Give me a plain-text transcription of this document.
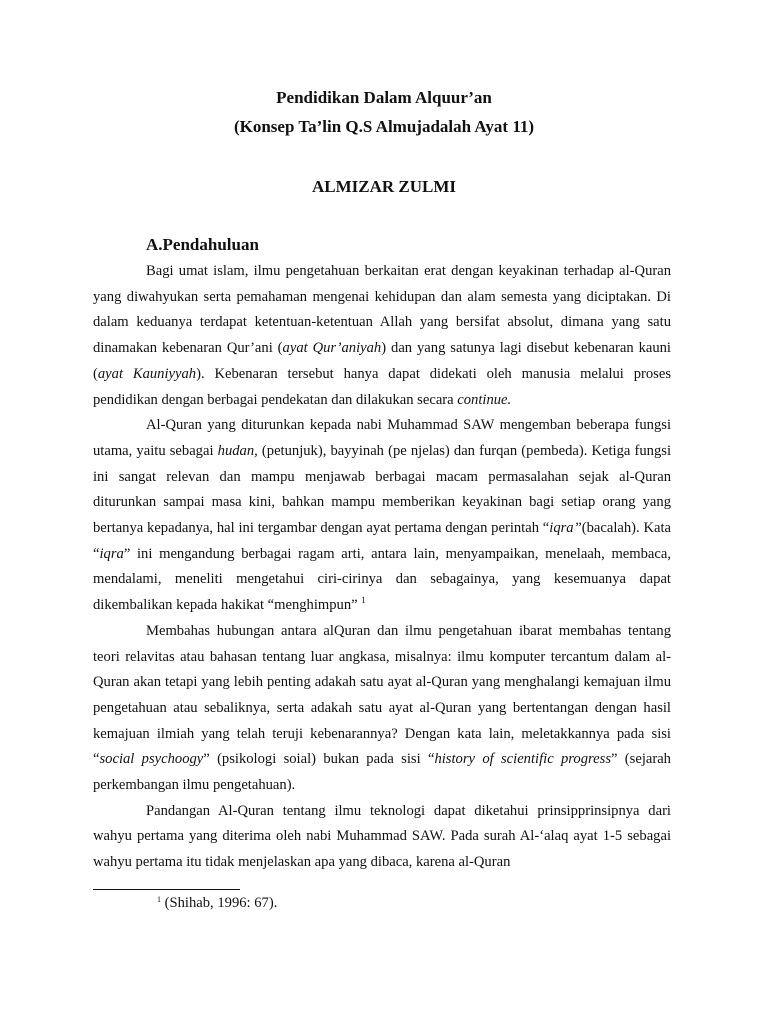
Pendidikan Dalam Alquur’an
(Konsep Ta’lin Q.S Almujadalah Ayat 11)
ALMIZAR ZULMI
A.Pendahuluan

Bagi umat islam, ilmu pengetahuan berkaitan erat dengan keyakinan terhadap al-Quran yang diwahyukan serta pemahaman mengenai kehidupan dan alam semesta yang diciptakan. Di dalam keduanya terdapat ketentuan-ketentuan Allah yang bersifat absolut, dimana yang satu dinamakan kebenaran Qur’ani (ayat Qur’aniyah) dan yang satunya lagi disebut kebenaran kauni (ayat Kauniyyah). Kebenaran tersebut hanya dapat didekati oleh manusia melalui proses pendidikan dengan berbagai pendekatan dan dilakukan secara continue.

Al-Quran yang diturunkan kepada nabi Muhammad SAW mengemban beberapa fungsi utama, yaitu sebagai hudan, (petunjuk), bayyinah (pe njelas) dan furqan (pembeda). Ketiga fungsi ini sangat relevan dan mampu menjawab berbagai macam permasalahan sejak al-Quran diturunkan sampai masa kini, bahkan mampu memberikan keyakinan bagi setiap orang yang bertanya kepadanya, hal ini tergambar dengan ayat pertama dengan perintah “iqra”(bacalah). Kata “iqra” ini mengandung berbagai ragam arti, antara lain, menyampaikan, menelaah, membaca, mendalami, meneliti mengetahui ciri-cirinya dan sebagainya, yang kesemuanya dapat dikembalikan kepada hakikat “menghimpun” $^1$

Membahas hubungan antara alQuran dan ilmu pengetahuan ibarat membahas tentang teori relavitas atau bahasan tentang luar angkasa, misalnya: ilmu komputer tercantum dalam al-Quran akan tetapi yang lebih penting adakah satu ayat al-Quran yang menghalangi kemajuan ilmu pengetahuan atau sebaliknya, serta adakah satu ayat al-Quran yang bertentangan dengan hasil kemajuan ilmiah yang telah teruji kebenarannya? Dengan kata lain, meletakkannya pada sisi “social psychoogy” (psikologi soial) bukan pada sisi “history of scientific progress” (sejarah perkembangan ilmu pengetahuan).

Pandangan Al-Quran tentang ilmu teknologi dapat diketahui prinsipprinsipnya dari wahyu pertama yang diterima oleh nabi Muhammad SAW. Pada surah Al-‘alaq ayat 1-5 sebagai wahyu pertama itu tidak menjelaskan apa yang dibaca, karena al-Quran

$^1$ (Shihab, 1996: 67).
